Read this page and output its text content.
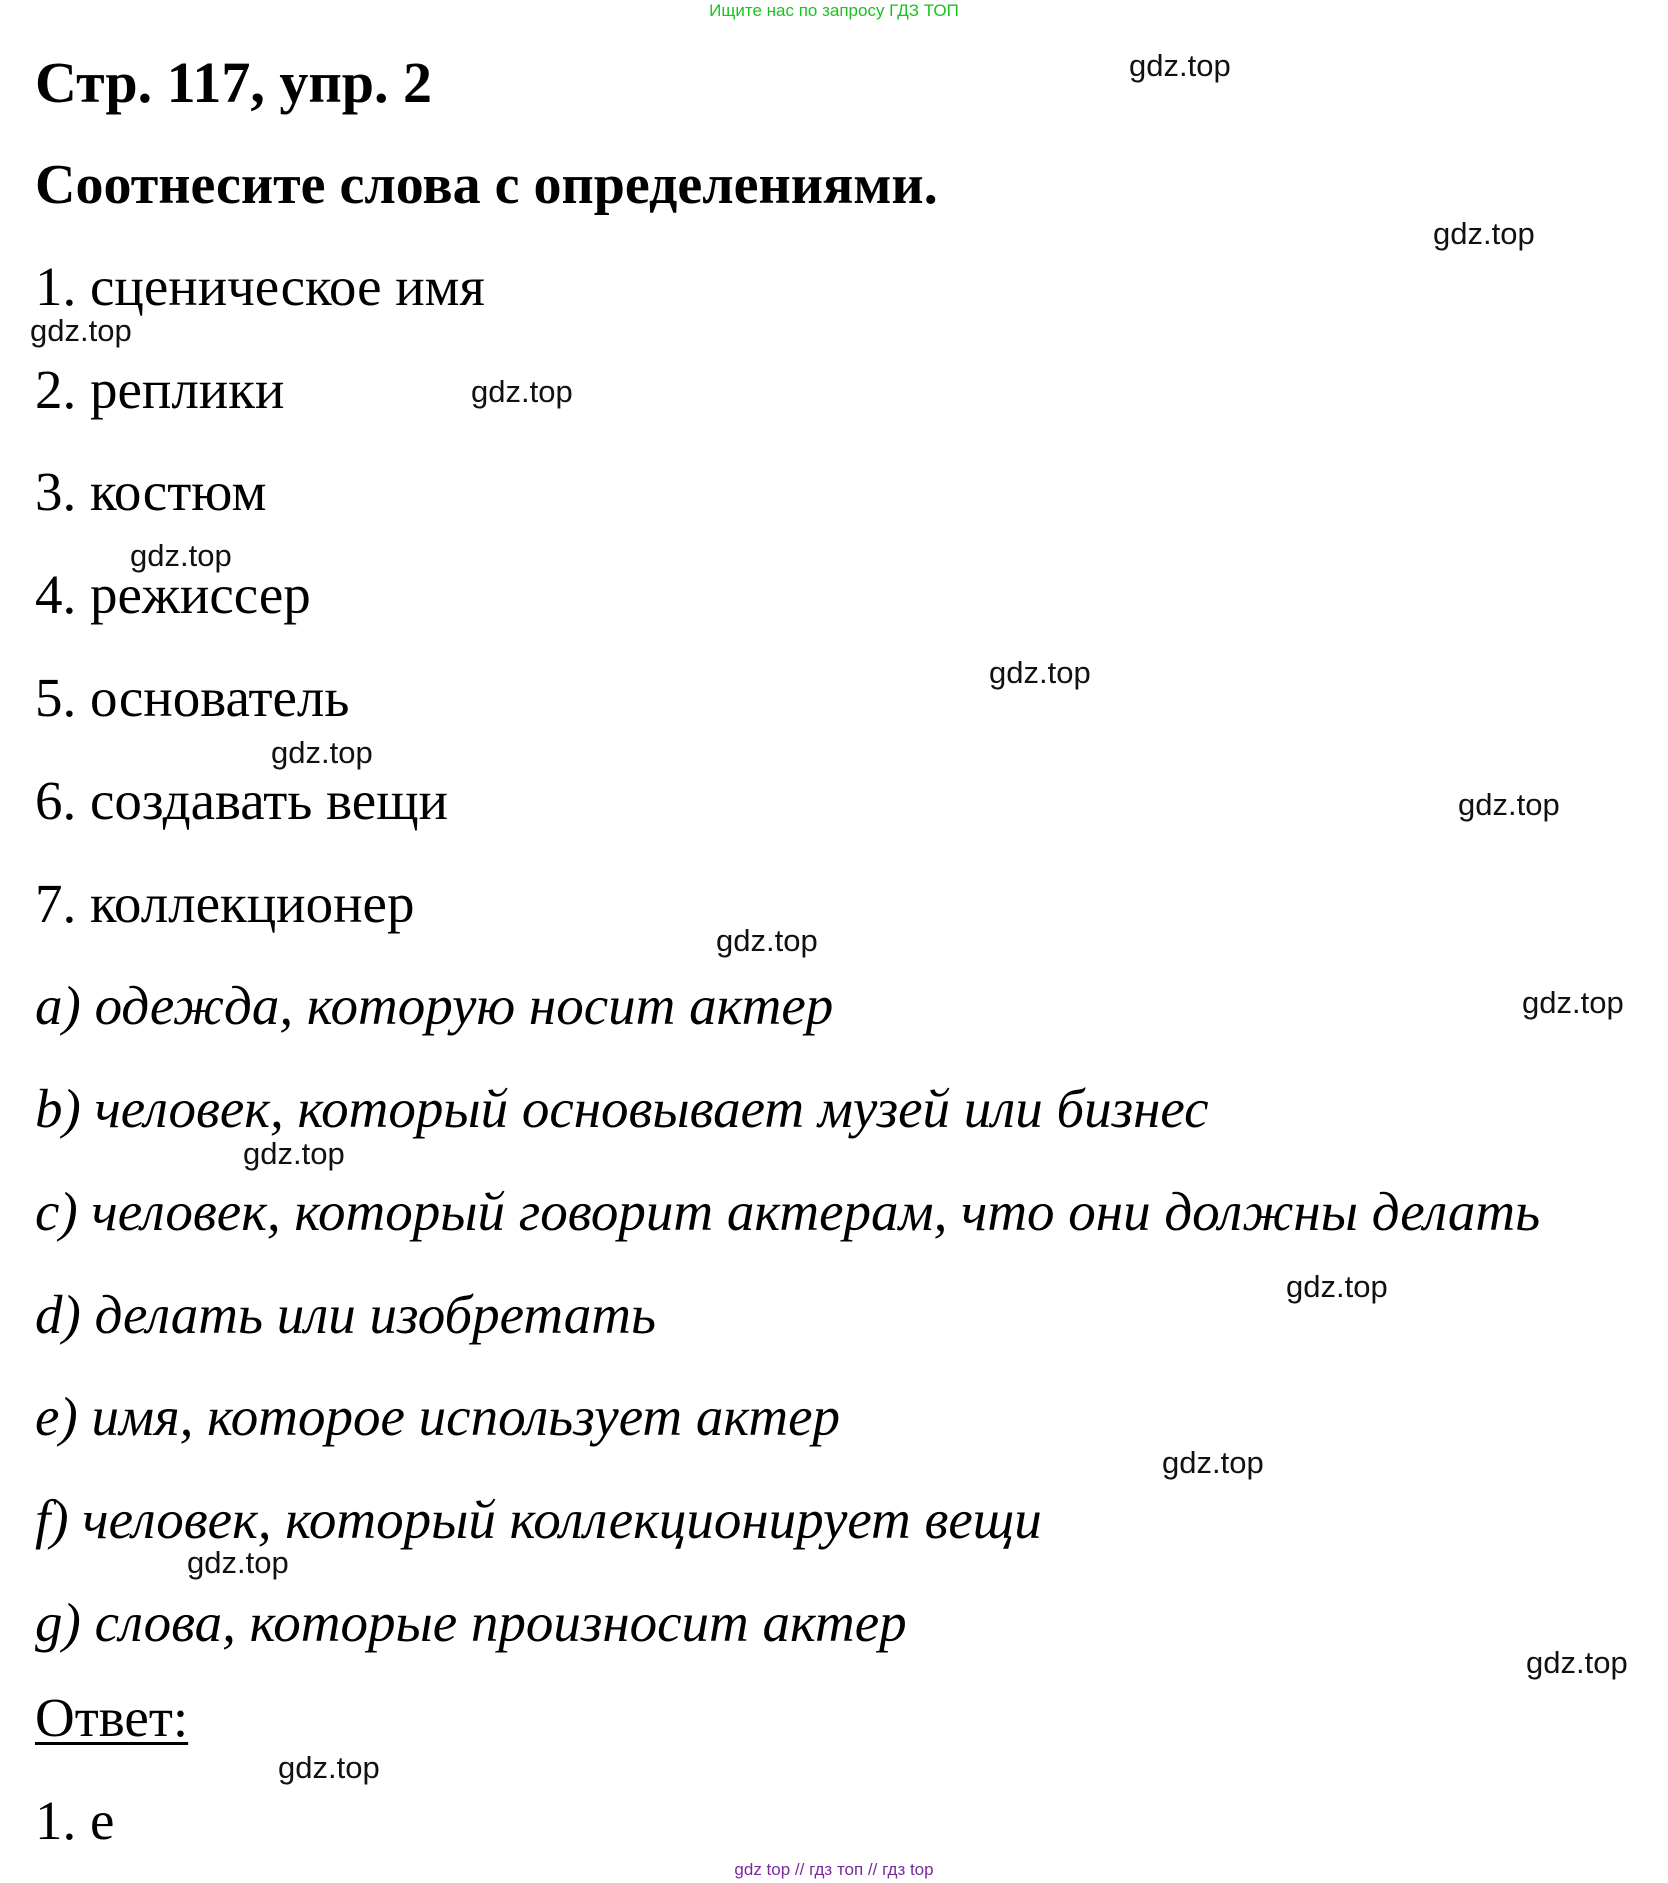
Ищите нас по запросу ГДЗ ТОП
Стр. 117, упр. 2
Соотнесите слова с определениями.
1. сценическое имя
2. реплики
3. костюм
4. режиссер
5. основатель
6. создавать вещи
7. коллекционер
a) одежда, которую носит актер
b) человек, который основывает музей или бизнес
c) человек, который говорит актерам, что они должны делать
d) делать или изобретать
e) имя, которое использует актер
f) человек, который коллекционирует вещи
g) слова, которые произносит актер
Ответ:
1. e
gdz.top
gdz.top
gdz.top
gdz.top
gdz.top
gdz.top
gdz.top
gdz.top
gdz.top
gdz.top
gdz.top
gdz.top
gdz.top
gdz.top
gdz.top
gdz.top
gdz top // гдз топ // гдз top
